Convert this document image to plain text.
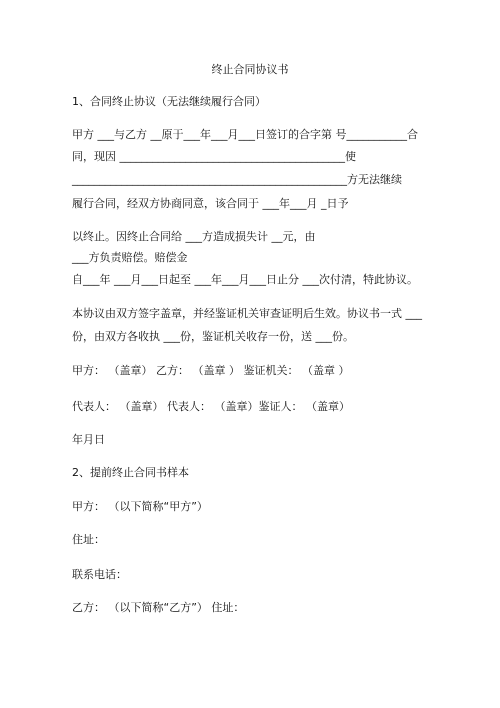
终止合同协议书
1、合同终止协议（无法继续履行合同）
甲方 ___与乙方 __原于___年___月___日签订的合字第 号___________合
同，现因 _________________________________________使
__________________________________________________方无法继续
履行合同，经双方协商同意，该合同于 ___年___月 _日予
以终止。因终止合同给 ___方造成损失计 __元，由
___方负责赔偿。赔偿金
自___年 ___月___日起至 ___年___月___日止分 ___次付清，特此协议。
本协议由双方签字盖章，并经鉴证机关审查证明后生效。协议书一式 ___
份，由双方各收执 ___份，鉴证机关收存一份，送 ___份。
甲方： （盖章） 乙方： （盖章 ） 鉴证机关： （盖章 ）
代表人： （盖章） 代表人： （盖章）鉴证人： （盖章）
年月日
2、提前终止合同书样本
甲方： （以下简称“甲方”）
住址：
联系电话：
乙方： （以下简称“乙方”） 住址：
